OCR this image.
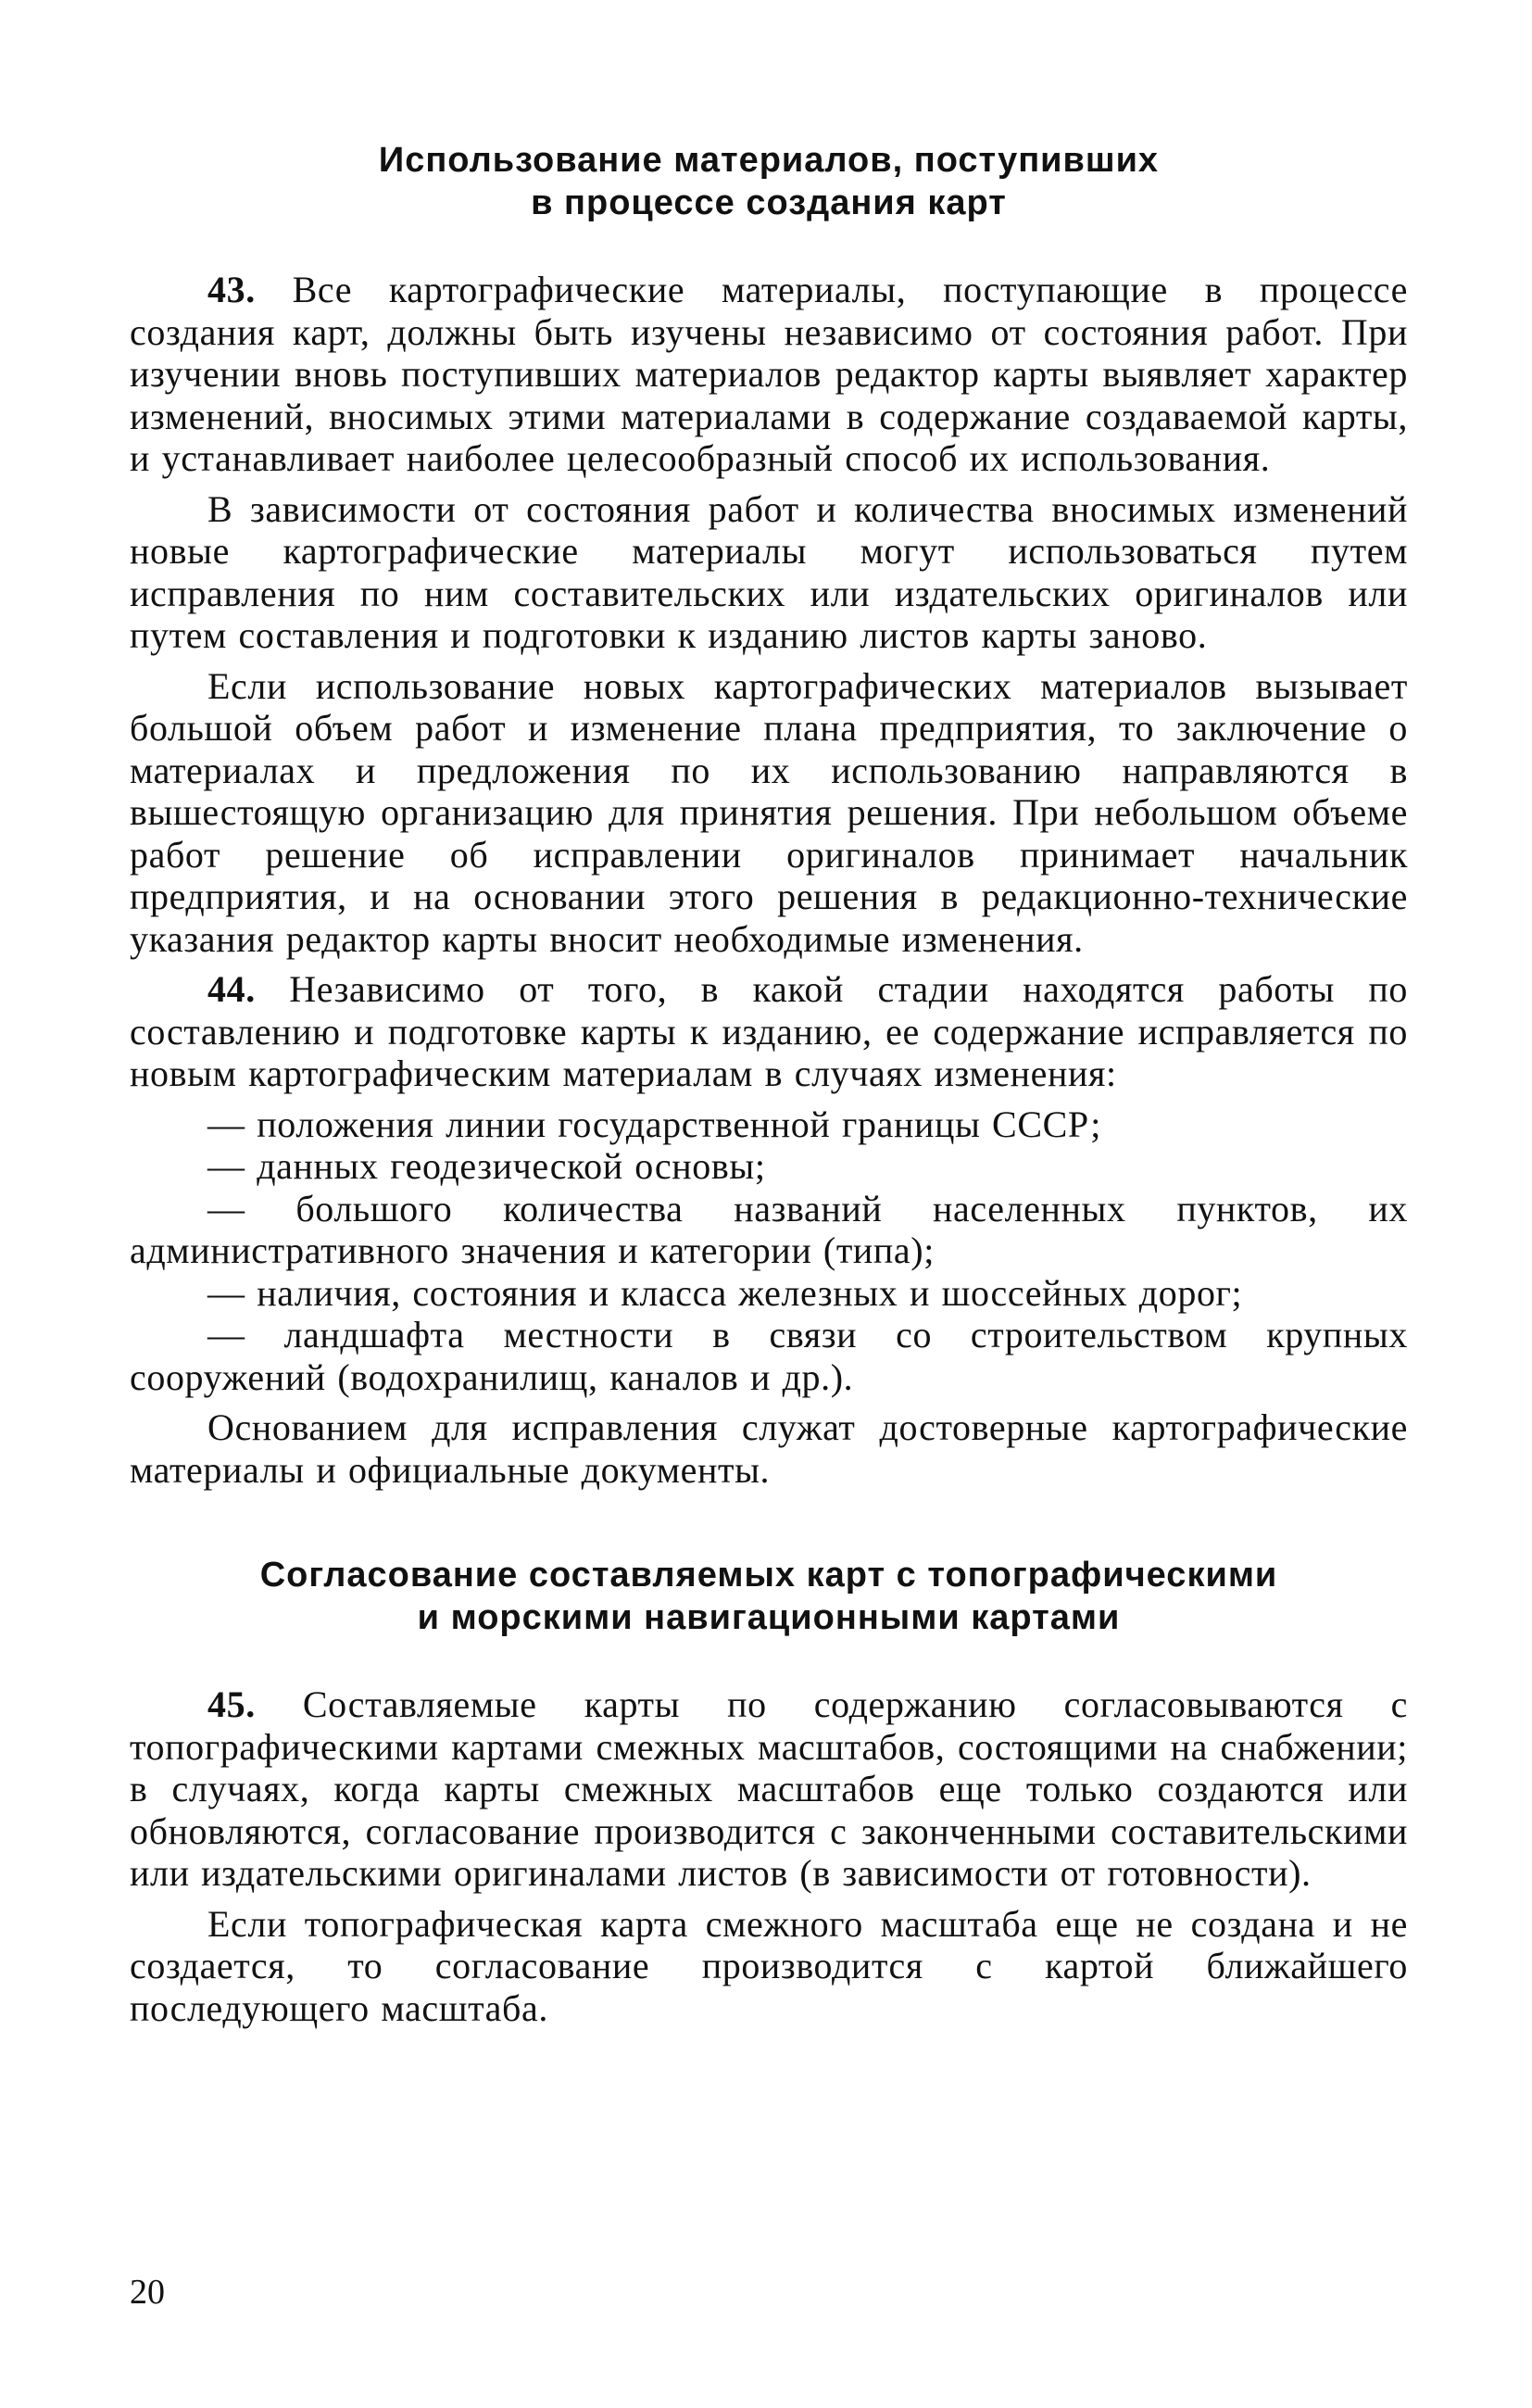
Использование материалов, поступивших
в процессе создания карт

43. Все картографические материалы, поступающие в процессе создания карт, должны быть изучены независимо от состояния работ. При изучении вновь поступивших материалов редактор карты выявляет характер изменений, вносимых этими материалами в содержание создаваемой карты, и устанавливает наиболее целесообразный способ их использования.

В зависимости от состояния работ и количества вносимых изменений новые картографические материалы могут использоваться путем исправления по ним составительских или издательских оригиналов или путем составления и подготовки к изданию листов карты заново.

Если использование новых картографических материалов вызывает большой объем работ и изменение плана предприятия, то заключение о материалах и предложения по их использованию направляются в вышестоящую организацию для принятия решения. При небольшом объеме работ решение об исправлении оригиналов принимает начальник предприятия, и на основании этого решения в редакционно-технические указания редактор карты вносит необходимые изменения.

44. Независимо от того, в какой стадии находятся работы по составлению и подготовке карты к изданию, ее содержание исправляется по новым картографическим материалам в случаях изменения:

— положения линии государственной границы СССР;

— данных геодезической основы;

— большого количества названий населенных пунктов, их административного значения и категории (типа);

— наличия, состояния и класса железных и шоссейных дорог;

— ландшафта местности в связи со строительством крупных сооружений (водохранилищ, каналов и др.).

Основанием для исправления служат достоверные картографические материалы и официальные документы.

Согласование составляемых карт с топографическими
и морскими навигационными картами

45. Составляемые карты по содержанию согласовываются с топографическими картами смежных масштабов, состоящими на снабжении; в случаях, когда карты смежных масштабов еще только создаются или обновляются, согласование производится с законченными составительскими или издательскими оригиналами листов (в зависимости от готовности).

Если топографическая карта смежного масштаба еще не создана и не создается, то согласование производится с картой ближайшего последующего масштаба.

20
